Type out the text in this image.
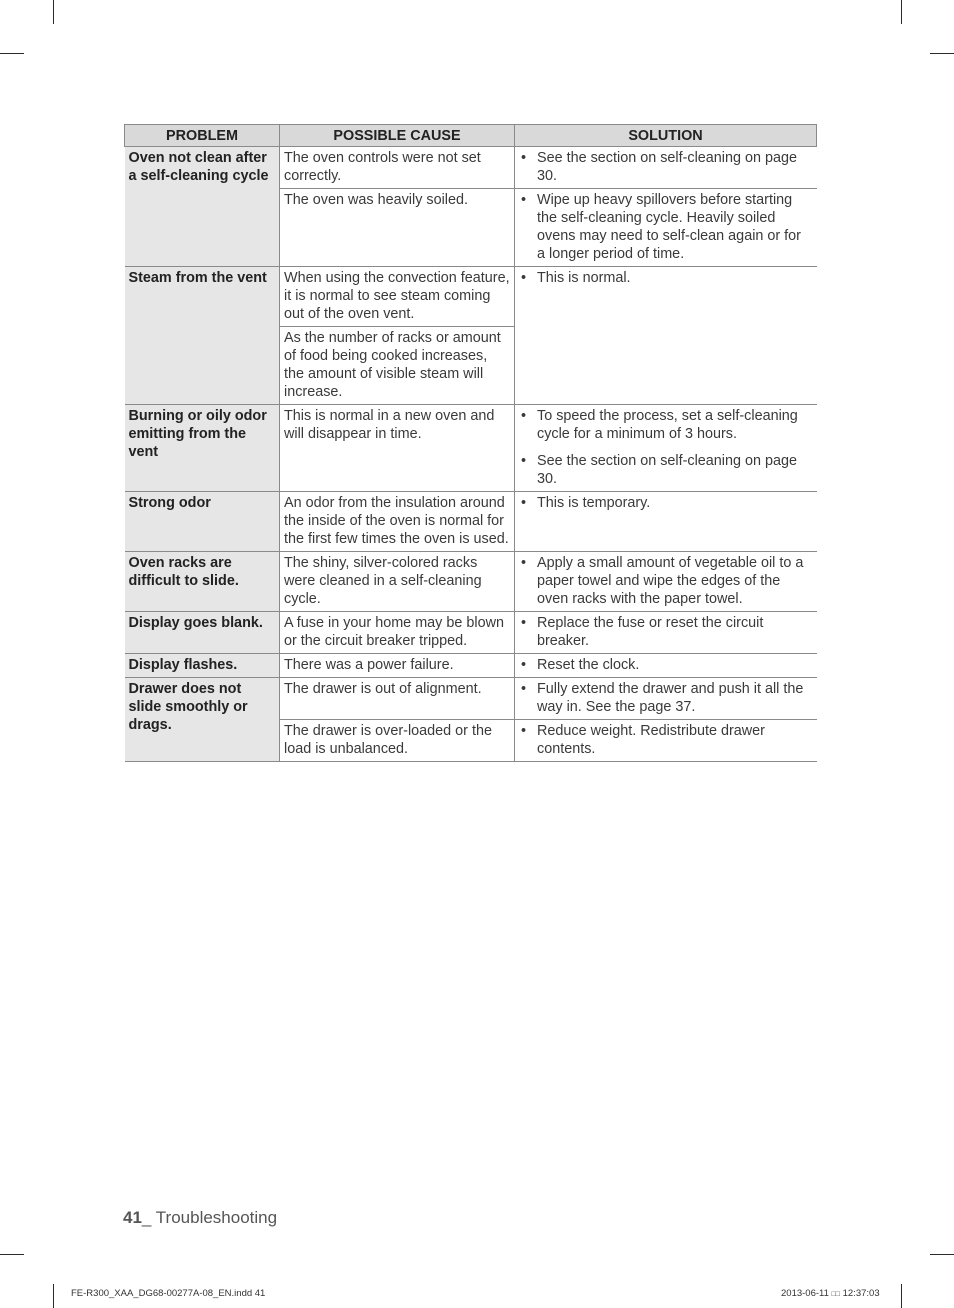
PROBLEM	POSSIBLE CAUSE	SOLUTION
Oven not clean after a self-cleaning cycle	The oven controls were not set correctly.	• See the section on self-cleaning on page 30.

	The oven was heavily soiled.	• Wipe up heavy spillovers before starting the self-cleaning cycle. Heavily soiled ovens may need to self-clean again or for a longer period of time.

Steam from the vent	When using the convection feature, it is normal to see steam coming out of the oven vent.	• This is normal.

	As the number of racks or amount of food being cooked increases, the amount of visible steam will increase.	
Burning or oily odor emitting from the vent	This is normal in a new oven and will disappear in time.	• To speed the process, set a self-cleaning cycle for a minimum of 3 hours.
• See the section on self-cleaning on page 30.

Strong odor	An odor from the insulation around the inside of the oven is normal for the first few times the oven is used.	• This is temporary.

Oven racks are difficult to slide.	The shiny, silver-colored racks were cleaned in a self-cleaning cycle.	• Apply a small amount of vegetable oil to a paper towel and wipe the edges of the oven racks with the paper towel.

Display goes blank.	A fuse in your home may be blown or the circuit breaker tripped.	• Replace the fuse or reset the circuit breaker.

Display flashes.	There was a power failure.	• Reset the clock.

Drawer does not slide smoothly or drags.	The drawer is out of alignment.	• Fully extend the drawer and push it all the way in. See the page 37.

	The drawer is over-loaded or the load is unbalanced.	• Reduce weight. Redistribute drawer contents.
41_ Troubleshooting
FE-R300_XAA_DG68-00277A-08_EN.indd 41	2013-06-11 □□ 12:37:03
